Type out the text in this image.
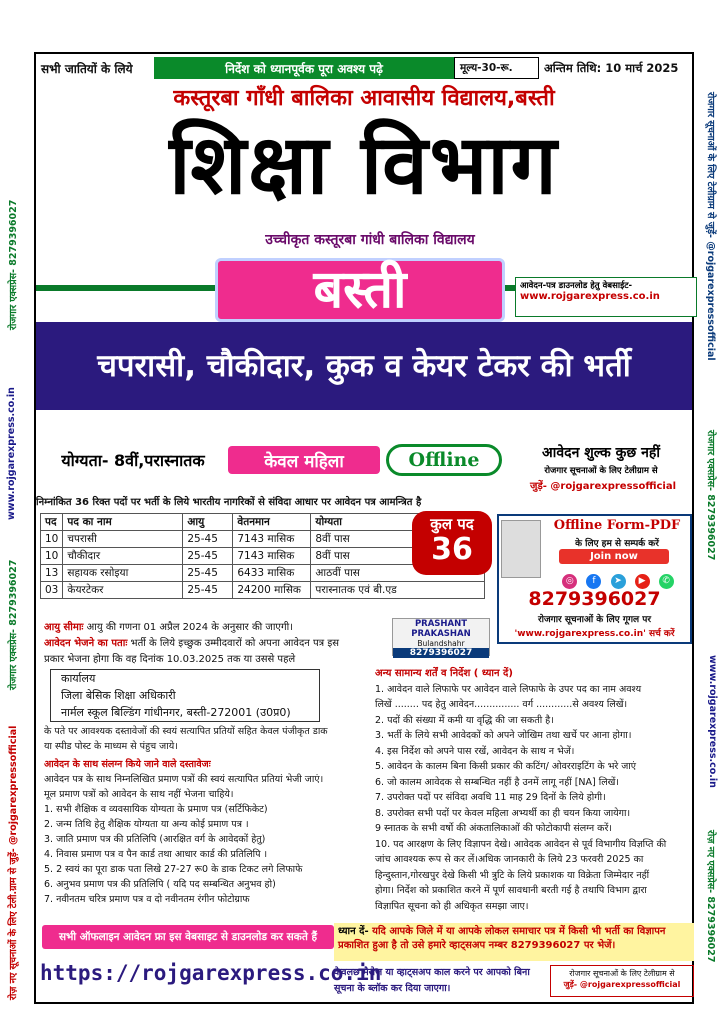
रोजगार एक्सप्रेस- 8279396027
www.rojgarexpress.co.in
रोजगार एक्सप्रेस- 8279396027
रोज़ नए सूचनाओं के लिए टेली.ग्राम से जुड़ें- @rojgarexpressofficial
रोजगार सूचनाओं के लिए टेलीग्राम से जुड़ें- @rojgarexpressofficial
रोजगार एक्सप्रेस- 8279396027
www.rojgarexpress.co.in
रोज़ नए एक्सप्रेस- 8279396027
सभी जातियों के लिये	निर्देश को ध्यानपूर्वक पूरा अवश्य पढ़े	मूल्य-30-रू.	अन्तिम तिथि: 10 मार्च 2025
कस्तूरबा गाँधी बालिका आवासीय विद्यालय,बस्ती
शिक्षा विभाग
उच्चीकृत कस्तूरबा गांधी बालिका विद्यालय
बस्ती	आवेदन-पत्र डाउनलोड हेतु वेबसाईट-
www.rojgarexpress.co.in
चपरासी, चौकीदार, कुक व केयर टेकर की भर्ती
योग्यता- 8वीं,परास्नातक	केवल महिला	Offline	आवेदन शुल्क कुछ नहीं
रोजगार सूचनाओं के लिए टेलीग्राम से
जुड़ें- @rojgarexpressofficial
निम्नांकित 36 रिक्त पदों पर भर्ती के लिये भारतीय नागरिकों से संविदा आधार पर आवेदन पत्र आमन्त्रित है
पद	पद का नाम	आयु	वेतनमान	योग्यता
10	चपरासी	25-45	7143 मासिक	8वीं पास
10	चौकीदार	25-45	7143 मासिक	8वीं पास
13	सहायक रसोइया	25-45	6433 मासिक	आठवीं पास
03	केयरटेकर	25-45	24200 मासिक	परास्नातक एवं बी.एड
कुल पद
36
Offline Form-PDF
के लिए हम से सम्पर्क करें
Join now
◎ f ➤ ▶ ✆
8279396027
रोजगार सूचनाओं के लिए गूगल पर
'www.rojgarexpress.co.in' सर्च करें

आयु सीमाः आयु की गणना 01 अप्रैल 2024 के अनुसार की जाएगी।

आवेदन भेजने का पताः भर्ती के लिये इच्छुक उम्मीदवारों को अपना आवेदन पत्र इस

प्रकार भेजना होगा कि वह दिनांक 10.03.2025 तक या उससे पहले

PRASHANT PRAKASHAN
Bulandshahr
8279396027
कार्यालय
जिला बेसिक शिक्षा अधिकारी
नार्मल स्कूल बिल्डिंग गांधीनगर, बस्ती-272001 (उ0प्र0)

के पते पर आवश्यक दस्तावेजों की स्वयं सत्यापित प्रतियों सहित केवल पंजीकृत डाक

या स्पीड पोस्ट के माध्यम से पंहुच जाये।

आवेदन के साथ संलग्न किये जाने वाले दस्तावेजः

आवेदन पत्र के साथ निम्नलिखित प्रमाण पत्रों की स्वयं सत्यापित प्रतियां भेजी जाएं।

मूल प्रमाण पत्रों को आवेदन के साथ नहीं भेजना चाहिये।

1. सभी शैक्षिक व व्यवसायिक योग्यता के प्रमाण पत्र (सर्टिफिकेट)

2. जन्म तिथि हेतु शैक्षिक योग्यता या अन्य कोई प्रमाण पत्र ।

3. जाति प्रमाण पत्र की प्रतिलिपि (आरक्षित वर्ग के आवेदकों हेतु)

4. निवास प्रमाण पत्र व पैन कार्ड तथा आधार कार्ड की प्रतिलिपि ।

5. 2 स्वयं का पूरा डाक पता लिखे 27-27 रू0 के डाक टिकट लगे लिफाफे

6. अनुभव प्रमाण पत्र की प्रतिलिपि ( यदि पद सम्बन्धित अनुभव हो)

7. नवीनतम चरित्र प्रमाण पत्र व दो नवीनतम रंगीन फोटोग्राफ

अन्य सामान्य शर्तें व निर्देश ( ध्यान दें)

1. आवेदन वाले लिफाफे पर आवेदन वाले लिफाफे के उपर पद का नाम अवश्य

लिखें ........ पद हेतु आवेदन............... वर्ग ............से अवश्य लिखें।

2. पदों की संख्या में कमी या वृद्धि की जा सकती है।

3. भर्ती के लिये सभी आवेदकों को अपने जोखिम तथा खर्चे पर आना होगा।

4. इस निर्देश को अपने पास रखें, आवेदन के साथ न भेजें।

5. आवेदन के कालम बिना किसी प्रकार की कटिंग/ ओवरराइटिंग के भरे जाएं

6. जो कालम आवेदक से सम्बन्धित नहीं है उनमें लागू नहीं [NA] लिखें।

7. उपरोक्त पदों पर संविदा अवधि 11 माह 29 दिनों के लिये होगी।

8. उपरोक्त सभी पदों पर केवल महिला अभ्यर्थी का ही चयन किया जायेगा।

9 स्नातक के सभी वर्षो की अंकतालिकाओं की फोटोकापी संलग्न करें।

10. पद आरक्षण के लिए विज्ञापन देखे। आवेदक आवेदन से पूर्व विभागीय विज्ञप्ति की

जांच आवश्यक रूप से कर लें।अधिक जानकारी के लिये 23 फरवरी 2025 का

हिन्दुस्तान,गोरखपुर देखे किसी भी त्रुटि के लिये प्रकाशक या विक्रेता जिम्मेदार नहीं

होगा। निर्देश को प्रकाशित करने में पूर्ण सावधानी बरती गई है तथापि विभाग द्वारा

विज्ञापित सूचना को ही अधिकृत समझा जाए।

सभी ऑफलाइन आवेदन फ्रा इस वेबसाइट से डाउनलोड कर सकते हैं
https://rojgarexpress.co.in
ध्यान दें- यदि आपके जिले में या आपके लोकल समाचार पत्र में किसी भी भर्ती का विज्ञापन प्रकाशित हुआ है तो उसे हमारे व्हाट्सअप नम्बर 8279396027 पर भेजें।
केवलछ मैसेज या व्हाट्सअप काल करने पर आपको बिना सूचना के ब्लॉक कर दिया जाएगा।
रोजगार सूचनाओं के लिए टेलीग्राम से
जुड़ें- @rojgarexpressofficial
